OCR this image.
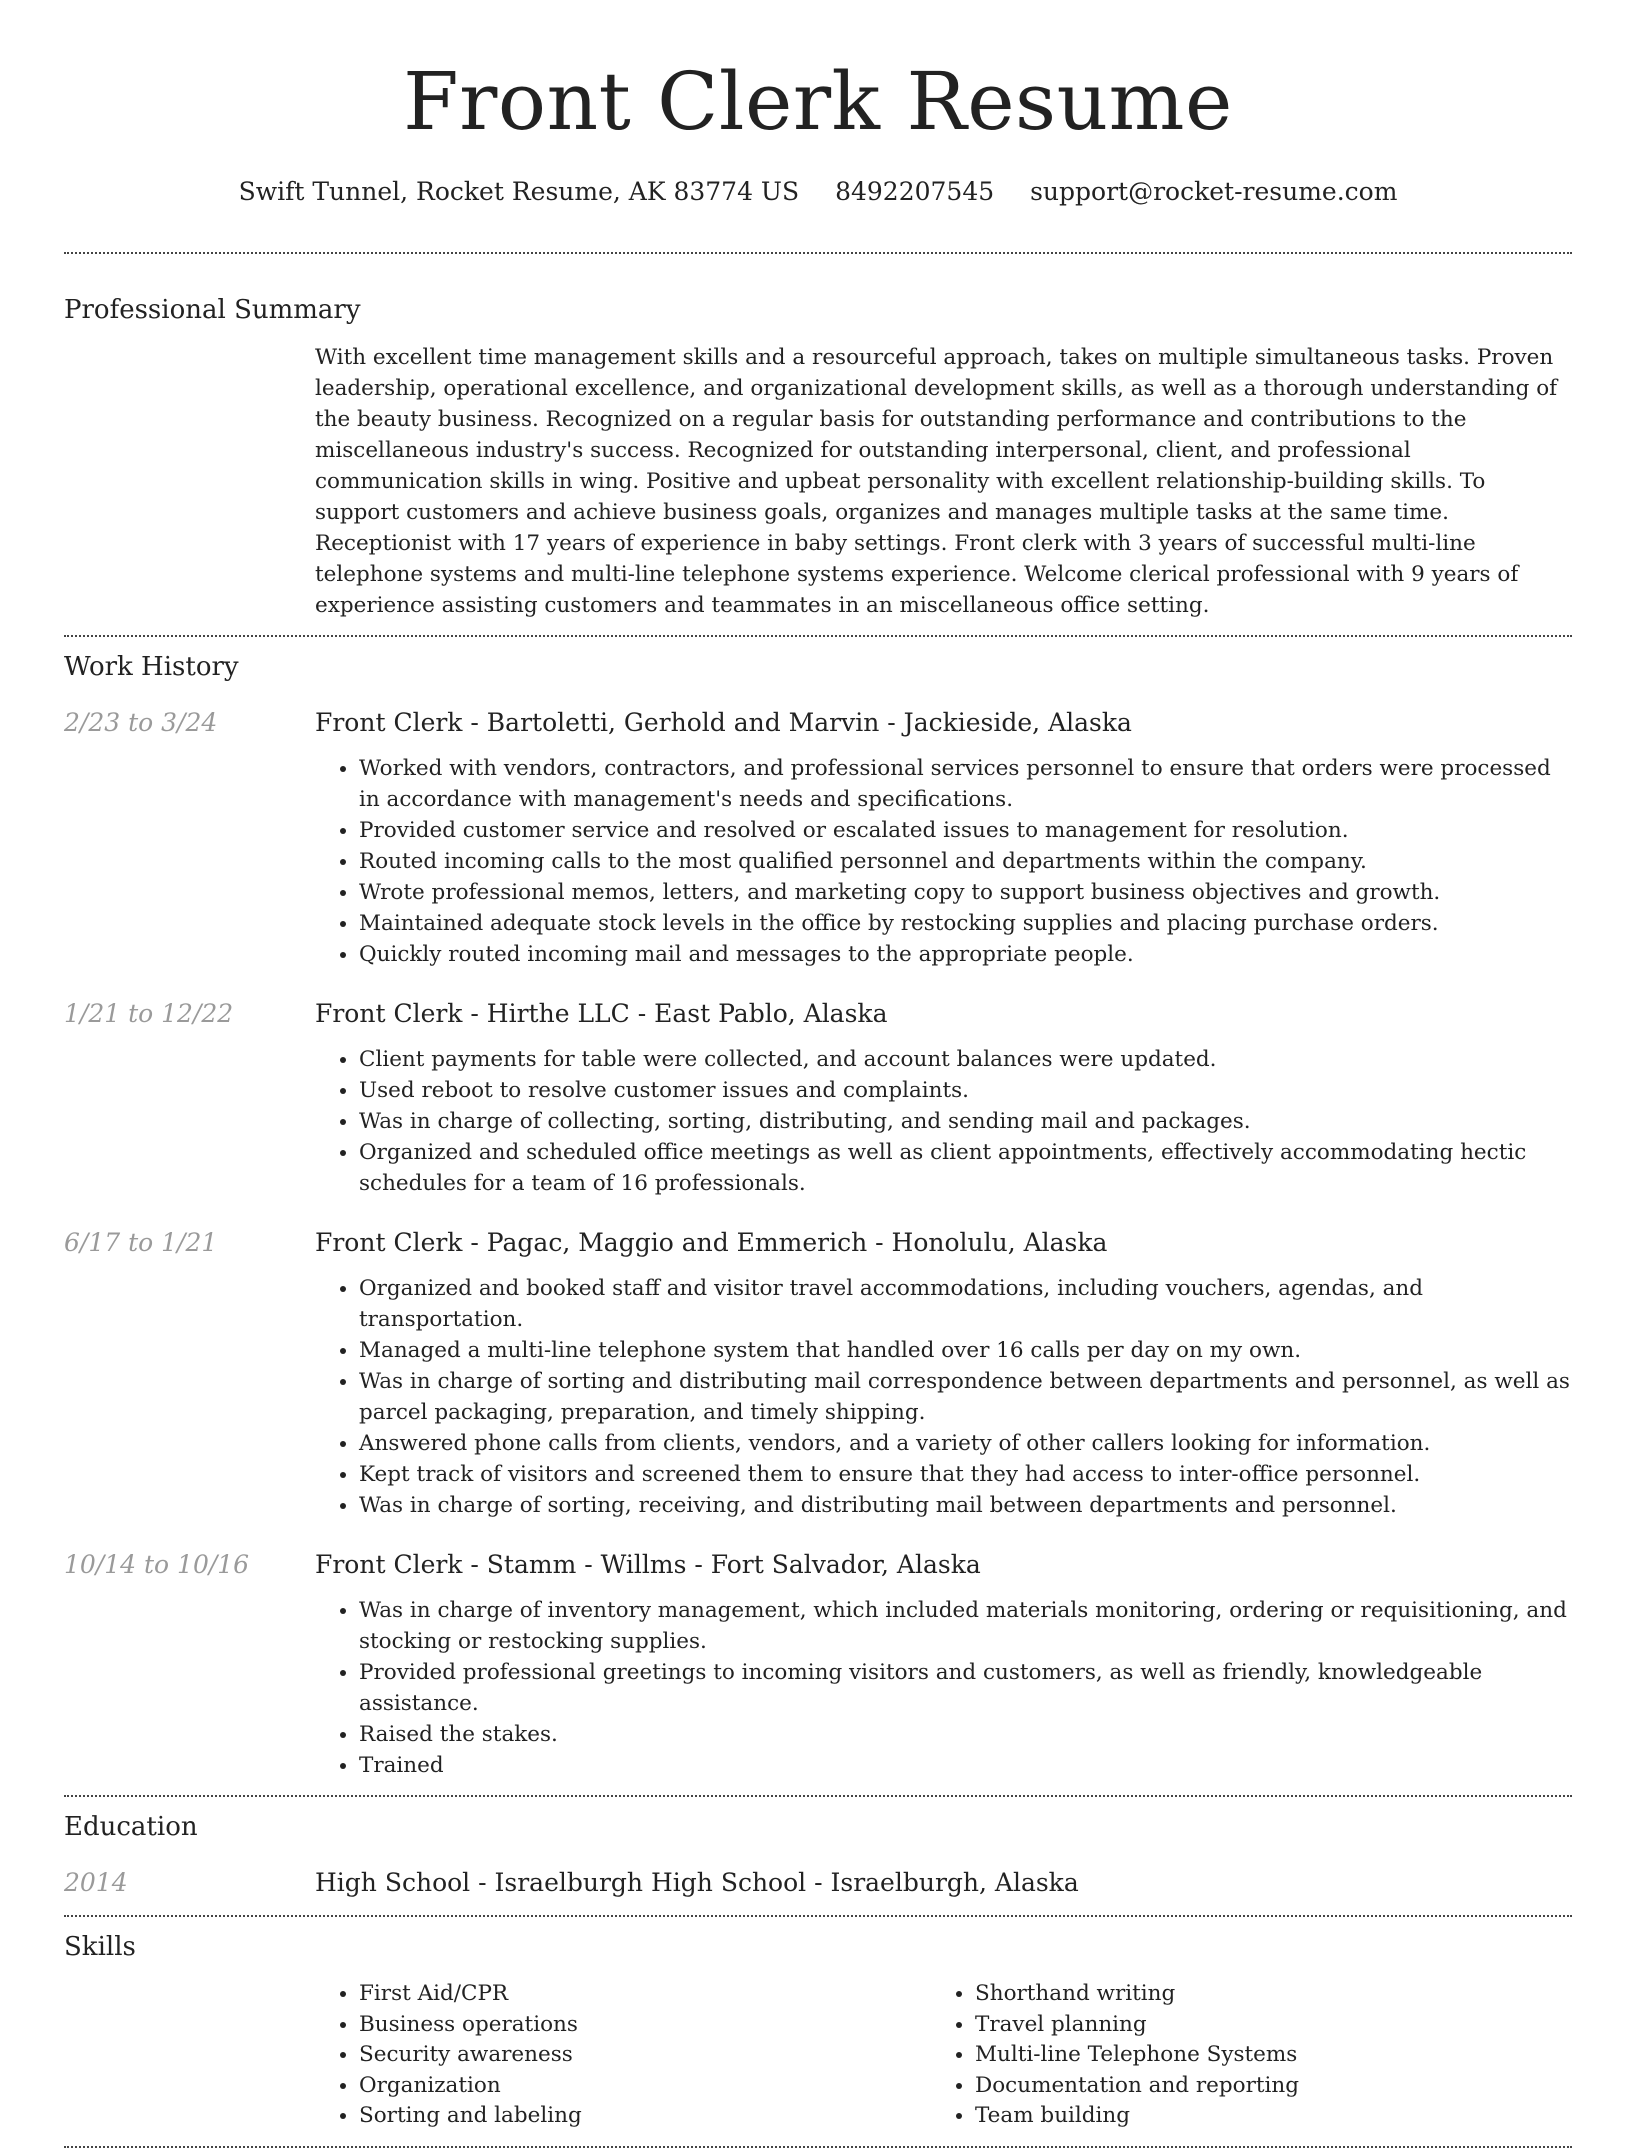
Front Clerk Resume
Swift Tunnel, Rocket Resume, AK 83774 US 8492207545 support@rocket-resume.com
Professional Summary
With excellent time management skills and a resourceful approach, takes on multiple simultaneous tasks. Proven leadership, operational excellence, and organizational development skills, as well as a thorough understanding of the beauty business. Recognized on a regular basis for outstanding performance and contributions to the miscellaneous industry's success. Recognized for outstanding interpersonal, client, and professional communication skills in wing. Positive and upbeat personality with excellent relationship-building skills. To support customers and achieve business goals, organizes and manages multiple tasks at the same time. Receptionist with 17 years of experience in baby settings. Front clerk with 3 years of successful multi-line telephone systems and multi-line telephone systems experience. Welcome clerical professional with 9 years of experience assisting customers and teammates in an miscellaneous office setting.
Work History
2/23 to 3/24	Front Clerk - Bartoletti, Gerhold and Marvin - Jackieside, Alaska
• Worked with vendors, contractors, and professional services personnel to ensure that orders were processed in accordance with management's needs and specifications.
• Provided customer service and resolved or escalated issues to management for resolution.
• Routed incoming calls to the most qualified personnel and departments within the company.
• Wrote professional memos, letters, and marketing copy to support business objectives and growth.
• Maintained adequate stock levels in the office by restocking supplies and placing purchase orders.
• Quickly routed incoming mail and messages to the appropriate people.
1/21 to 12/22	Front Clerk - Hirthe LLC - East Pablo, Alaska
• Client payments for table were collected, and account balances were updated.
• Used reboot to resolve customer issues and complaints.
• Was in charge of collecting, sorting, distributing, and sending mail and packages.
• Organized and scheduled office meetings as well as client appointments, effectively accommodating hectic schedules for a team of 16 professionals.
6/17 to 1/21	Front Clerk - Pagac, Maggio and Emmerich - Honolulu, Alaska
• Organized and booked staff and visitor travel accommodations, including vouchers, agendas, and transportation.
• Managed a multi-line telephone system that handled over 16 calls per day on my own.
• Was in charge of sorting and distributing mail correspondence between departments and personnel, as well as parcel packaging, preparation, and timely shipping.
• Answered phone calls from clients, vendors, and a variety of other callers looking for information.
• Kept track of visitors and screened them to ensure that they had access to inter-office personnel.
• Was in charge of sorting, receiving, and distributing mail between departments and personnel.
10/14 to 10/16	Front Clerk - Stamm - Willms - Fort Salvador, Alaska
• Was in charge of inventory management, which included materials monitoring, ordering or requisitioning, and stocking or restocking supplies.
• Provided professional greetings to incoming visitors and customers, as well as friendly, knowledgeable assistance.
• Raised the stakes.
• Trained
Education
2014	High School - Israelburgh High School - Israelburgh, Alaska
Skills
• First Aid/CPR
• Business operations
• Security awareness
• Organization
• Sorting and labeling
• Shorthand writing
• Travel planning
• Multi-line Telephone Systems
• Documentation and reporting
• Team building
